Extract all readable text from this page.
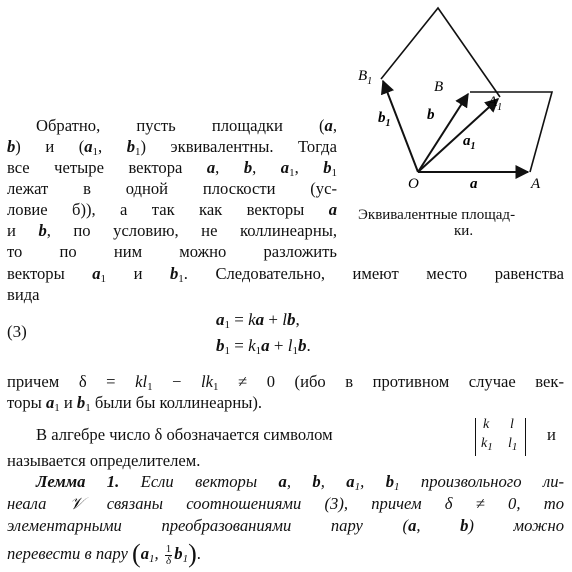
$B_1$	B
$A_1$
$b_1$
b
$a_1$
O	a	A
Эквивалентные площад-
ки.
Обратно, пусть площадки (a,
b) и ($a_1$, $b_1$) эквивалентны. Тогда
все четыре вектора a, b, $a_1$, $b_1$
лежат в одной плоскости (ус-
ловие б)), а так как векторы a
и b, по условию, не коллинеарны,
то по ним можно разложить
векторы $a_1$ и $b_1$. Следовательно, имеют место равенства
вида
(3)
$a_1$ = ka + lb,
$b_1 = k_1a + l_1b$.
причем $\delta = kl_1 - lk_1 \ne 0$ (ибо в противном случае век-
торы $a_1$ и $b_1$ были бы коллинеарны).
В алгебре число δ обозначается символом
k l
$k_1$ $l_1$
и
называется определителем.
Лемма 1. Если векторы a, b, $a_1$, $b_1$ произвольного ли-
неала 𝒱 связаны соотношениями (3), причем δ ≠ 0, то
элементарными преобразованиями пару (a, b) можно
перевести в пару ($a_1$, $\frac{1}{\delta} b_1$).
